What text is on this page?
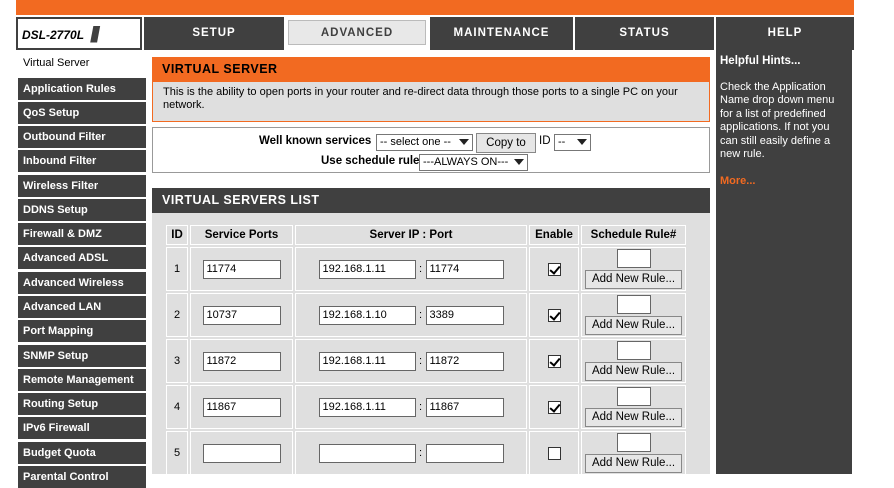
DSL-2770L ///	SETUP	ADVANCED	MAINTENANCE	STATUS	HELP
Virtual Server
Application Rules
QoS Setup
Outbound Filter
Inbound Filter
Wireless Filter
DDNS Setup
Firewall & DMZ
Advanced ADSL
Advanced Wireless
Advanced LAN
Port Mapping
SNMP Setup
Remote Management
Routing Setup
IPv6 Firewall
Budget Quota
Parental Control
VIRTUAL SERVER
This is the ability to open ports in your router and re-direct data through those ports to a single PC on your network.
Well known services -- select one --	Copy to	ID --
Use schedule rule ---ALWAYS ON---
VIRTUAL SERVERS LIST
ID	Service Ports	Server IP : Port	Enable	Schedule Rule#
1	11774	192.168.1.11 : 11774		Add New Rule...

2	10737	192.168.1.10 : 3389		Add New Rule...

3	11872	192.168.1.11 : 11872		Add New Rule...

4	11867	192.168.1.11 : 11867		Add New Rule...

5		:		Add New Rule...
Helpful Hints...
Check the Application Name drop down menu for a list of predefined applications. If not you can still easily define a new rule.
More...
